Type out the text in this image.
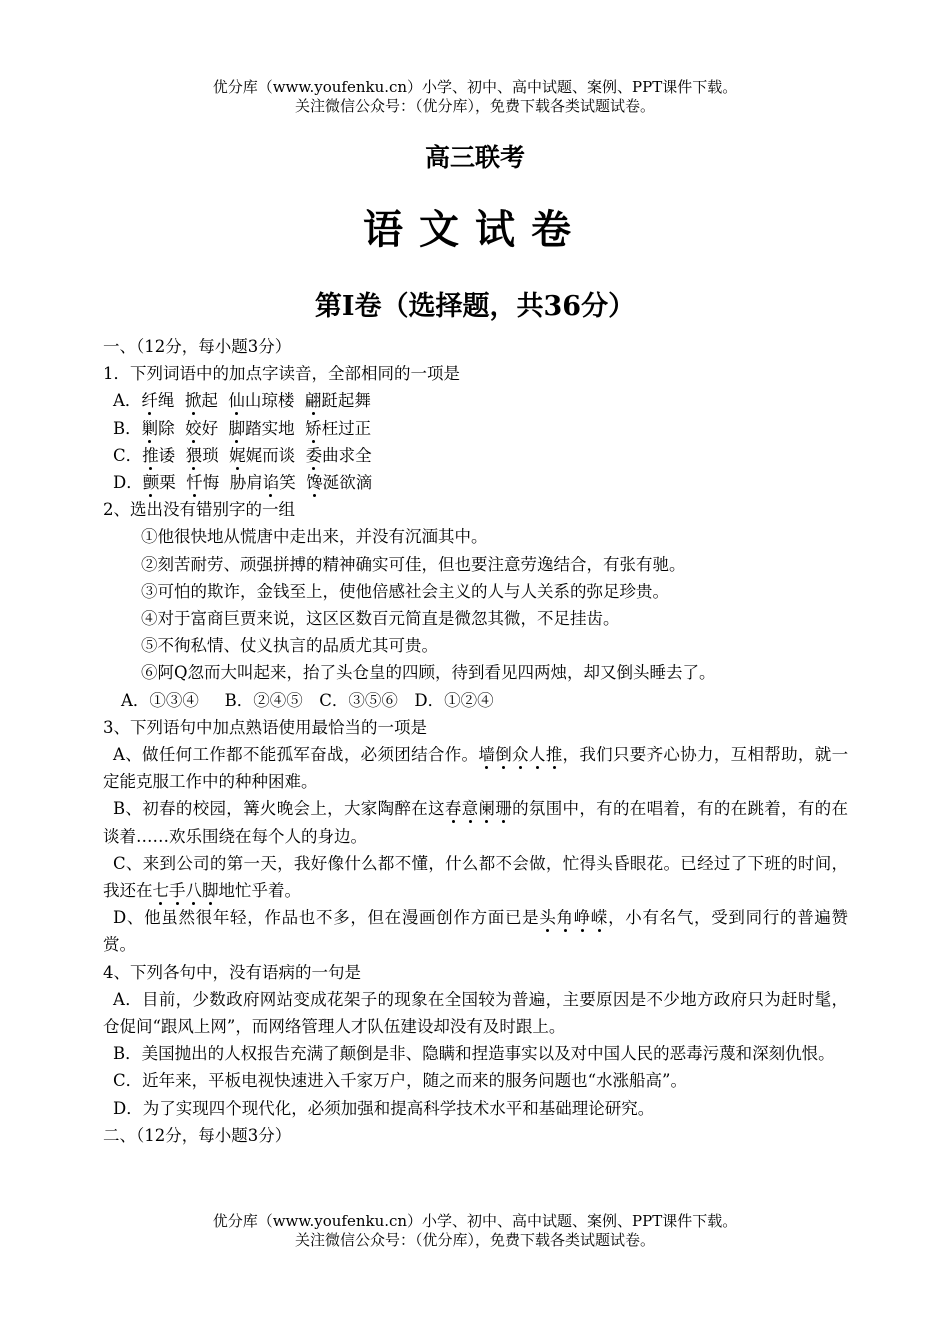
优分库（www.youfenku.cn）小学、初中、高中试题、案例、PPT课件下载。
关注微信公众号：（优分库），免费下载各类试题试卷。
高三联考
语文试卷
第Ⅰ卷（选择题，共36分）

一、（12分，每小题3分）

1．下列词语中的加点字读音，全部相同的一项是

A．纤绳 掀起 仙山琼楼 翩跹起舞

B．剿除 姣好 脚踏实地 矫枉过正

C．推诿 猥琐 娓娓而谈 委曲求全

D．颤栗 忏悔 胁肩谄笑 馋涎欲滴

2、选出没有错别字的一组

①他很快地从慌唐中走出来，并没有沉湎其中。

②刻苦耐劳、顽强拼搏的精神确实可佳，但也要注意劳逸结合，有张有驰。

③可怕的欺诈，金钱至上，使他倍感社会主义的人与人关系的弥足珍贵。

④对于富商巨贾来说，这区区数百元简直是微忽其微，不足挂齿。

⑤不徇私情、仗义执言的品质尤其可贵。

⑥阿Q忽而大叫起来，抬了头仓皇的四顾，待到看见四两烛，却又倒头睡去了。

A．①③④　 B．②④⑤　C．③⑤⑥　D．①②④

3、下列语句中加点熟语使用最恰当的一项是

A、做任何工作都不能孤军奋战，必须团结合作。墙倒众人推，我们只要齐心协力，互相帮助，就一定能克服工作中的种种困难。

B、初春的校园，篝火晚会上，大家陶醉在这春意阑珊的氛围中，有的在唱着，有的在跳着，有的在谈着……欢乐围绕在每个人的身边。

C、来到公司的第一天，我好像什么都不懂，什么都不会做，忙得头昏眼花。已经过了下班的时间，我还在七手八脚地忙乎着。

D、他虽然很年轻，作品也不多，但在漫画创作方面已是头角峥嵘，小有名气，受到同行的普遍赞赏。

4、下列各句中，没有语病的一句是

A．目前，少数政府网站变成花架子的现象在全国较为普遍，主要原因是不少地方政府只为赶时髦，仓促间“跟风上网”，而网络管理人才队伍建设却没有及时跟上。

B．美国抛出的人权报告充满了颠倒是非、隐瞒和捏造事实以及对中国人民的恶毒污蔑和深刻仇恨。

C．近年来，平板电视快速进入千家万户，随之而来的服务问题也“水涨船高”。

D．为了实现四个现代化，必须加强和提高科学技术水平和基础理论研究。

二、（12分，每小题3分）

优分库（www.youfenku.cn）小学、初中、高中试题、案例、PPT课件下载。
关注微信公众号：（优分库），免费下载各类试题试卷。
